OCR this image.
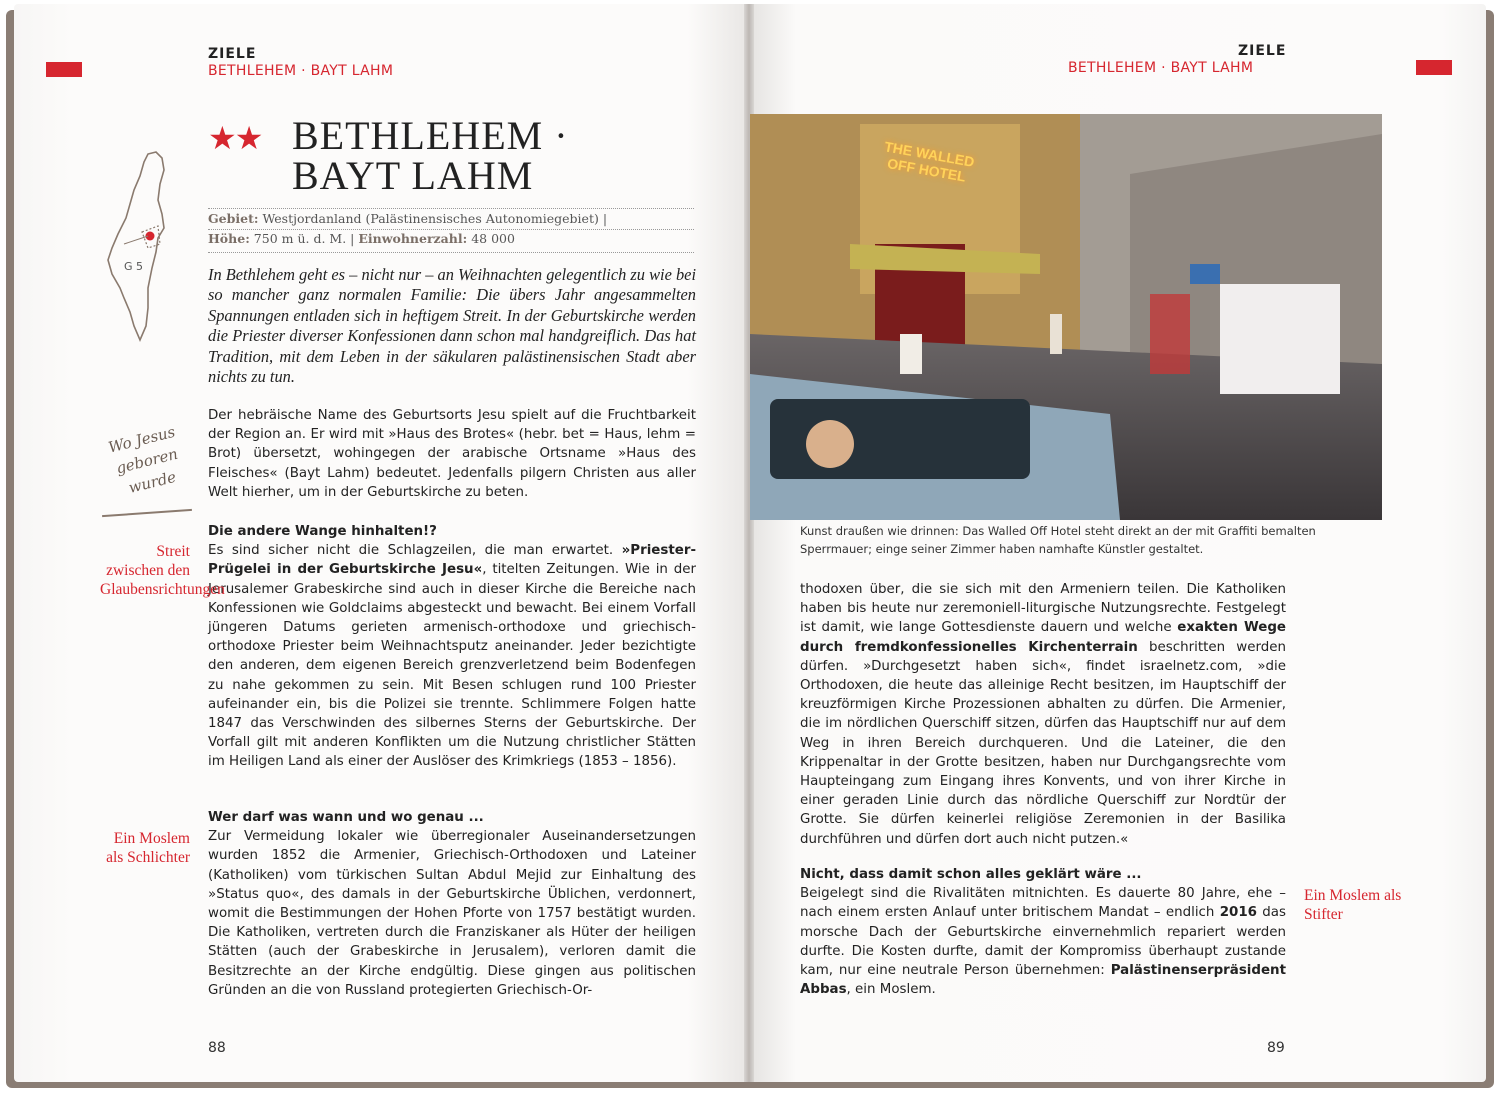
ZIELE
BETHLEHEM · BAYT LAHM
★★ BETHLEHEM ·
BAYT LAHM
G 5
Gebiet: Westjordanland (Palästinensisches Autonomiegebiet) |
Höhe: 750 m ü. d. M. | Einwohnerzahl: 48 000
In Bethlehem geht es – nicht nur – an Weihnachten gelegentlich zu wie bei so mancher ganz normalen Familie: Die übers Jahr angesammelten Spannungen entladen sich in heftigem Streit. In der Geburtskirche werden die Priester diverser Konfessionen dann schon mal handgreiflich. Das hat Tradition, mit dem Leben in der säkularen palästinensischen Stadt aber nichts zu tun.
Wo Jesus geboren wurde
Der hebräische Name des Geburtsorts Jesu spielt auf die Fruchtbarkeit der Region an. Er wird mit »Haus des Brotes« (hebr. bet = Haus, lehm = Brot) übersetzt, wohingegen der arabische Ortsname »Haus des Fleisches« (Bayt Lahm) bedeutet. Jedenfalls pilgern Christen aus aller Welt hierher, um in der Geburtskirche zu beten.
Die andere Wange hinhalten!?
Es sind sicher nicht die Schlagzeilen, die man erwartet. »Priester-Prügelei in der Geburtskirche Jesu«, titelten Zeitungen. Wie in der Jerusalemer Grabeskirche sind auch in dieser Kirche die Bereiche nach Konfessionen wie Goldclaims abgesteckt und bewacht. Bei einem Vorfall jüngeren Datums gerieten armenisch-orthodoxe und griechisch-orthodoxe Priester beim Weihnachtsputz aneinander. Jeder bezichtigte den anderen, dem eigenen Bereich grenzverletzend beim Bodenfegen zu nahe gekommen zu sein. Mit Besen schlugen rund 100 Priester aufeinander ein, bis die Polizei sie trennte. Schlimmere Folgen hatte 1847 das Verschwinden des silbernes Sterns der Geburtskirche. Der Vorfall gilt mit anderen Konflikten um die Nutzung christlicher Stätten im Heiligen Land als einer der Auslöser des Krimkriegs (1853 – 1856).
Streit zwischen den Glaubensrichtungen
Wer darf was wann und wo genau ...
Zur Vermeidung lokaler wie überregionaler Auseinandersetzungen wurden 1852 die Armenier, Griechisch-Orthodoxen und Lateiner (Katholiken) vom türkischen Sultan Abdul Mejid zur Einhaltung des »Status quo«, des damals in der Geburtskirche Üblichen, verdonnert, womit die Bestimmungen der Hohen Pforte von 1757 bestätigt wurden. Die Katholiken, vertreten durch die Franziskaner als Hüter der heiligen Stätten (auch der Grabeskirche in Jerusalem), verloren damit die Besitzrechte an der Kirche endgültig. Diese gingen aus politischen Gründen an die von Russland protegierten Griechisch-Or-
Ein Moslem als Schlichter
88
ZIELE
BETHLEHEM · BAYT LAHM
THE WALLED OFF HOTEL
Kunst draußen wie drinnen: Das Walled Off Hotel steht direkt an der mit Graffiti bemalten Sperrmauer; einge seiner Zimmer haben namhafte Künstler gestaltet.
thodoxen über, die sie sich mit den Armeniern teilen. Die Katholiken haben bis heute nur zeremoniell-liturgische Nutzungsrechte. Festgelegt ist damit, wie lange Gottesdienste dauern und welche exakten Wege durch fremdkonfessionelles Kirchenterrain beschritten werden dürfen. »Durchgesetzt haben sich«, findet israelnetz.com, »die Orthodoxen, die heute das alleinige Recht besitzen, im Hauptschiff der kreuzförmigen Kirche Prozessionen abhalten zu dürfen. Die Armenier, die im nördlichen Querschiff sitzen, dürfen das Hauptschiff nur auf dem Weg in ihren Bereich durchqueren. Und die Lateiner, die den Krippenaltar in der Grotte besitzen, haben nur Durchgangsrechte vom Haupteingang zum Eingang ihres Konvents, und von ihrer Kirche in einer geraden Linie durch das nördliche Querschiff zur Nordtür der Grotte. Sie dürfen keinerlei religiöse Zeremonien in der Basilika durchführen und dürfen dort auch nicht putzen.«
Nicht, dass damit schon alles geklärt wäre ...
Beigelegt sind die Rivalitäten mitnichten. Es dauerte 80 Jahre, ehe – nach einem ersten Anlauf unter britischem Mandat – endlich 2016 das morsche Dach der Geburtskirche einvernehmlich repariert werden durfte. Die Kosten durfte, damit der Kompromiss überhaupt zustande kam, nur eine neutrale Person übernehmen: Palästinenserpräsident Abbas, ein Moslem.
Ein Moslem als Stifter
89
